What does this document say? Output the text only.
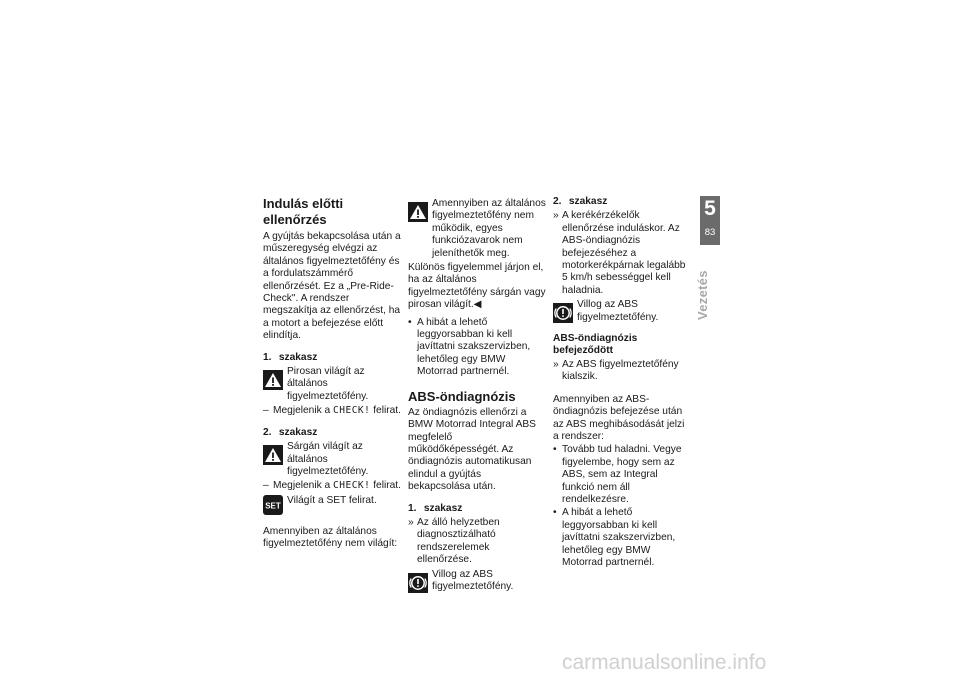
Indulás előtti ellenőrzés

A gyújtás bekapcsolása után a műszeregység elvégzi az általános figyelmeztetőfény és a fordulatszámmérő ellenőrzését. Ez a „Pre-Ride-Check". A rendszer megszakítja az ellenőrzést, ha a motort a befejezése előtt elindítja.

1. szakasz
Pirosan világít az általános figyelmeztetőfény.
– Megjelenik a CHECK! felirat.
2. szakasz
Sárgán világít az általános figyelmeztetőfény.
– Megjelenik a CHECK! felirat.
SET Világít a SET felirat.

Amennyiben az általános figyelmeztetőfény nem világít:

Amennyiben az általános figyelmeztetőfény nem működik, egyes funkciózavarok nem jeleníthetők meg.

Különös figyelemmel járjon el, ha az általános figyelmeztetőfény sárgán vagy pirosan világít.◀

• A hibát a lehető leggyorsabban ki kell javíttatni szakszervizben, lehetőleg egy BMW Motorrad partnernél.
ABS-öndiagnózis

Az öndiagnózis ellenőrzi a BMW Motorrad Integral ABS megfelelő működőképességét. Az öndiagnózis automatikusan elindul a gyújtás bekapcsolása után.

1. szakasz
» Az álló helyzetben diagnosztizálható rendszerelemek ellenőrzése.
Villog az ABS figyelmeztetőfény.
2. szakasz
» A kerékérzékelők ellenőrzése induláskor. Az ABS-öndiagnózis befejezéséhez a motorkerékpárnak legalább 5 km/h sebességgel kell haladnia.
Villog az ABS figyelmeztetőfény.
ABS-öndiagnózis befejeződött
» Az ABS figyelmeztetőfény kialszik.

Amennyiben az ABS-öndiagnózis befejezése után az ABS meghibásodását jelzi a rendszer:

• Tovább tud haladni. Vegye figyelembe, hogy sem az ABS, sem az Integral funkció nem áll rendelkezésre.
• A hibát a lehető leggyorsabban ki kell javíttatni szakszervizben, lehetőleg egy BMW Motorrad partnernél.
5
83
Vezetés
carmanualsonline.info
